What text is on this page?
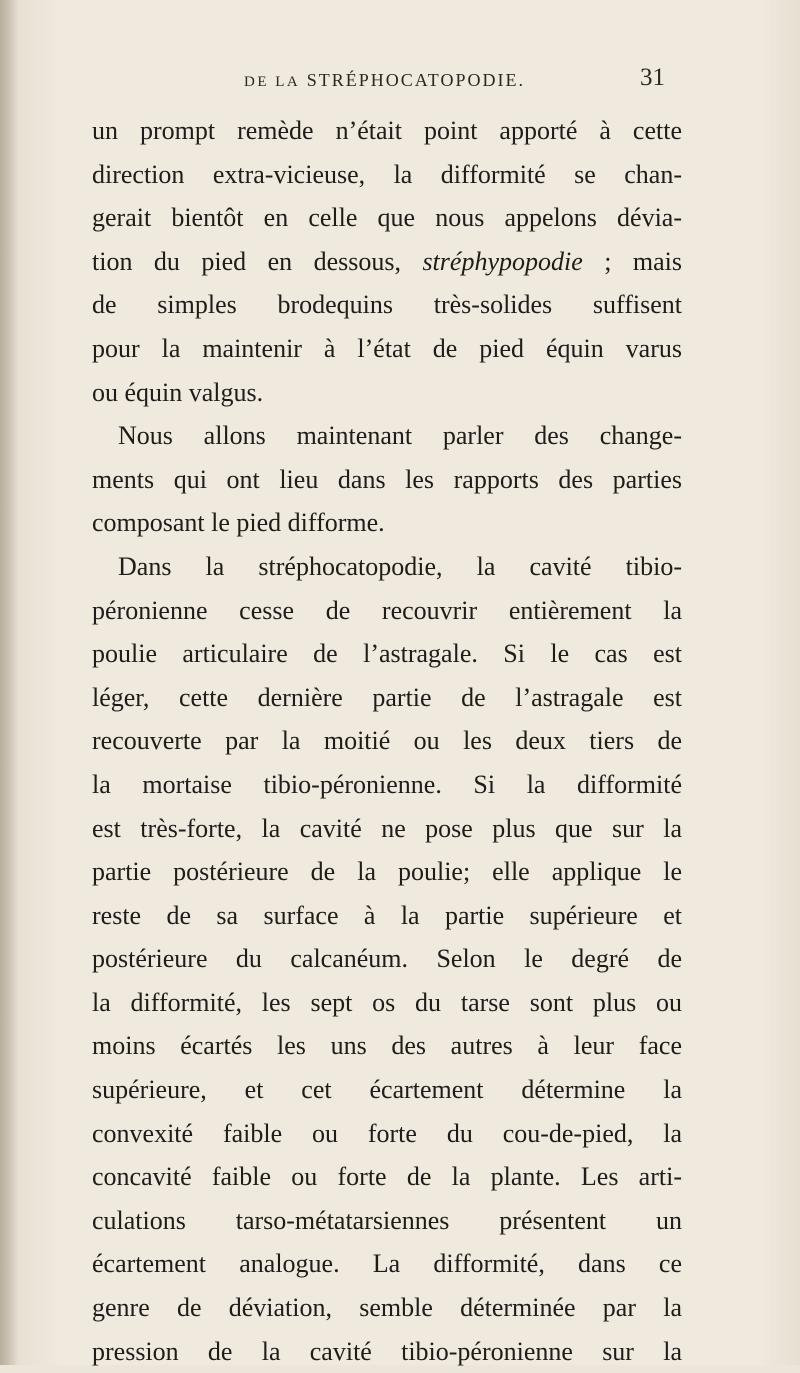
DE LA STRÉPHOCATOPODIE.	31
un prompt remède n’était point apporté à cette
direction extra-vicieuse, la difformité se chan-
gerait bientôt en celle que nous appelons dévia-
tion du pied en dessous, stréphypopodie ; mais
de simples brodequins très-solides suffisent
pour la maintenir à l’état de pied équin varus
ou équin valgus.
Nous allons maintenant parler des change-
ments qui ont lieu dans les rapports des parties
composant le pied difforme.
Dans la stréphocatopodie, la cavité tibio-
péronienne cesse de recouvrir entièrement la
poulie articulaire de l’astragale. Si le cas est
léger, cette dernière partie de l’astragale est
recouverte par la moitié ou les deux tiers de
la mortaise tibio-péronienne. Si la difformité
est très-forte, la cavité ne pose plus que sur la
partie postérieure de la poulie; elle applique le
reste de sa surface à la partie supérieure et
postérieure du calcanéum. Selon le degré de
la difformité, les sept os du tarse sont plus ou
moins écartés les uns des autres à leur face
supérieure, et cet écartement détermine la
convexité faible ou forte du cou-de-pied, la
concavité faible ou forte de la plante. Les arti-
culations tarso-métatarsiennes présentent un
écartement analogue. La difformité, dans ce
genre de déviation, semble déterminée par la
pression de la cavité tibio-péronienne sur la
